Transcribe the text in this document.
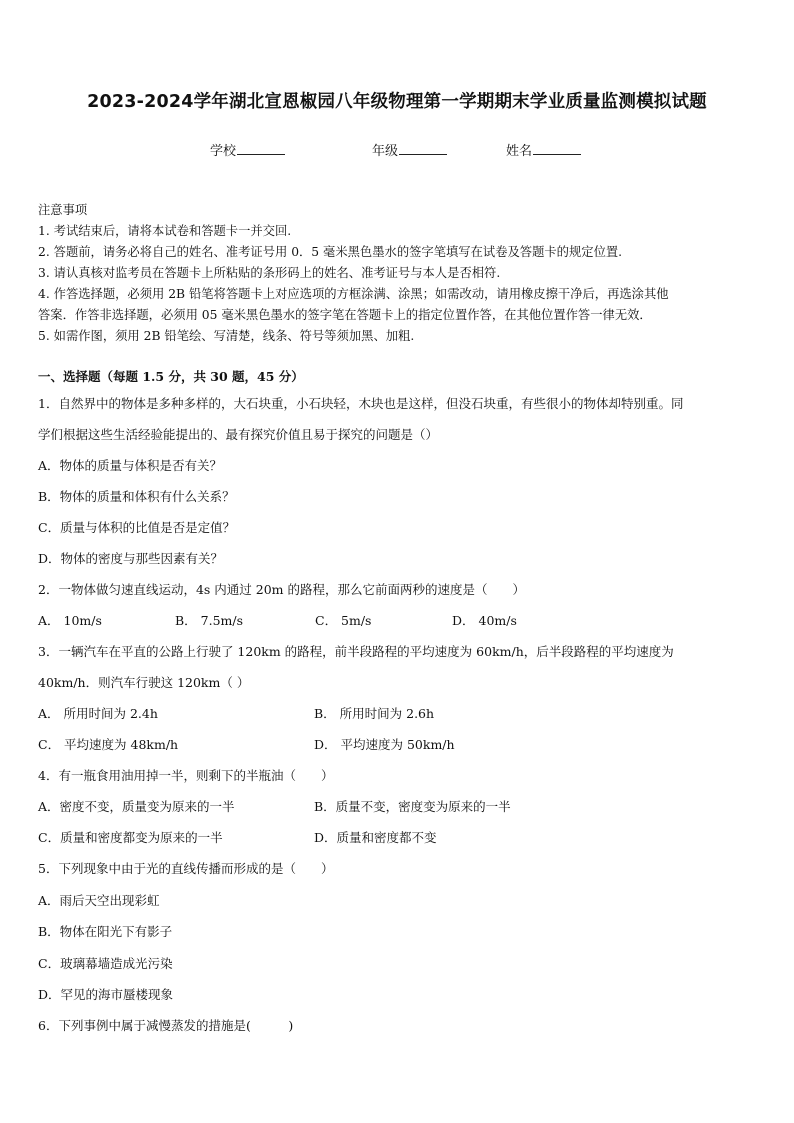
2023-2024学年湖北宣恩椒园八年级物理第一学期期末学业质量监测模拟试题
学校	年级	姓名
注意事项
1. 考试结束后，请将本试卷和答题卡一并交回.
2. 答题前，请务必将自己的姓名、准考证号用 0．5 毫米黑色墨水的签字笔填写在试卷及答题卡的规定位置.
3. 请认真核对监考员在答题卡上所粘贴的条形码上的姓名、准考证号与本人是否相符.
4. 作答选择题，必须用 2B 铅笔将答题卡上对应选项的方框涂满、涂黑；如需改动，请用橡皮擦干净后，再选涂其他
答案．作答非选择题，必须用 05 毫米黑色墨水的签字笔在答题卡上的指定位置作答，在其他位置作答一律无效．
5. 如需作图，须用 2B 铅笔绘、写清楚，线条、符号等须加黑、加粗.
一、选择题（每题 1.5 分，共 30 题，45 分）
1．自然界中的物体是多种多样的，大石块重，小石块轻，木块也是这样，但没石块重，有些很小的物体却特别重。同
学们根据这些生活经验能提出的、最有探究价值且易于探究的问题是（）
A．物体的质量与体积是否有关？
B．物体的质量和体积有什么关系？
C．质量与体积的比值是否是定值？
D．物体的密度与那些因素有关？
2．一物体做匀速直线运动，4s 内通过 20m 的路程，那么它前面两秒的速度是（　　）
A． 10m/s	B． 7.5m/s	C． 5m/s	D． 40m/s
3．一辆汽车在平直的公路上行驶了 120km 的路程，前半段路程的平均速度为 60km/h，后半段路程的平均速度为
40km/h．则汽车行驶这 120km（ ）
A． 所用时间为 2.4h	B． 所用时间为 2.6h
C． 平均速度为 48km/h	D． 平均速度为 50km/h
4．有一瓶食用油用掉一半，则剩下的半瓶油（　　）
A．密度不变，质量变为原来的一半	B．质量不变，密度变为原来的一半
C．质量和密度都变为原来的一半	D．质量和密度都不变
5．下列现象中由于光的直线传播而形成的是（　　）
A．雨后天空出现彩虹
B．物体在阳光下有影子
C．玻璃幕墙造成光污染
D．罕见的海市蜃楼现象
6．下列事例中属于减慢蒸发的措施是(　　　)
